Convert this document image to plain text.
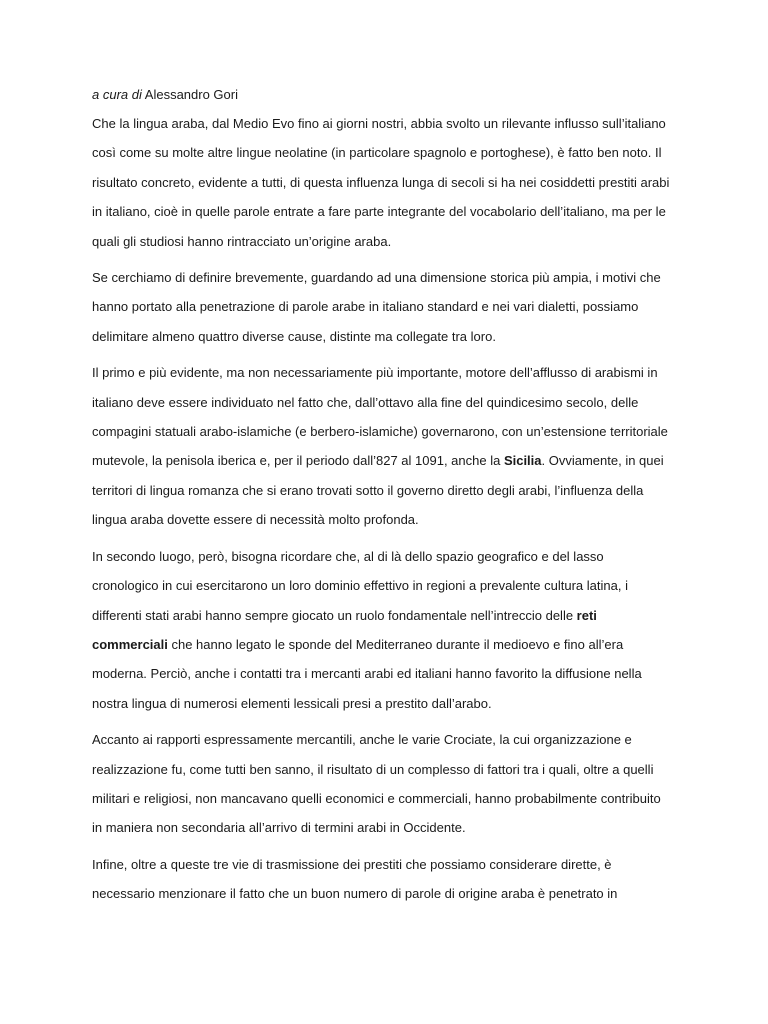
a cura di Alessandro Gori

Che la lingua araba, dal Medio Evo fino ai giorni nostri, abbia svolto un rilevante influsso sull’italiano così come su molte altre lingue neolatine (in particolare spagnolo e portoghese), è fatto ben noto. Il risultato concreto, evidente a tutti, di questa influenza lunga di secoli si ha nei cosiddetti prestiti arabi in italiano, cioè in quelle parole entrate a fare parte integrante del vocabolario dell’italiano, ma per le quali gli studiosi hanno rintracciato un’origine araba.

Se cerchiamo di definire brevemente, guardando ad una dimensione storica più ampia, i motivi che hanno portato alla penetrazione di parole arabe in italiano standard e nei vari dialetti, possiamo delimitare almeno quattro diverse cause, distinte ma collegate tra loro.

Il primo e più evidente, ma non necessariamente più importante, motore dell’afflusso di arabismi in italiano deve essere individuato nel fatto che, dall’ottavo alla fine del quindicesimo secolo, delle compagini statuali arabo-islamiche (e berbero-islamiche) governarono, con un’estensione territoriale mutevole, la penisola iberica e, per il periodo dall’827 al 1091, anche la Sicilia. Ovviamente, in quei territori di lingua romanza che si erano trovati sotto il governo diretto degli arabi, l’influenza della lingua araba dovette essere di necessità molto profonda.

In secondo luogo, però, bisogna ricordare che, al di là dello spazio geografico e del lasso cronologico in cui esercitarono un loro dominio effettivo in regioni a prevalente cultura latina, i differenti stati arabi hanno sempre giocato un ruolo fondamentale nell’intreccio delle reti commerciali che hanno legato le sponde del Mediterraneo durante il medioevo e fino all’era moderna. Perciò, anche i contatti tra i mercanti arabi ed italiani hanno favorito la diffusione nella nostra lingua di numerosi elementi lessicali presi a prestito dall’arabo.

Accanto ai rapporti espressamente mercantili, anche le varie Crociate, la cui organizzazione e realizzazione fu, come tutti ben sanno, il risultato di un complesso di fattori tra i quali, oltre a quelli militari e religiosi, non mancavano quelli economici e commerciali, hanno probabilmente contribuito in maniera non secondaria all’arrivo di termini arabi in Occidente.

Infine, oltre a queste tre vie di trasmissione dei prestiti che possiamo considerare dirette, è necessario menzionare il fatto che un buon numero di parole di origine araba è penetrato in
